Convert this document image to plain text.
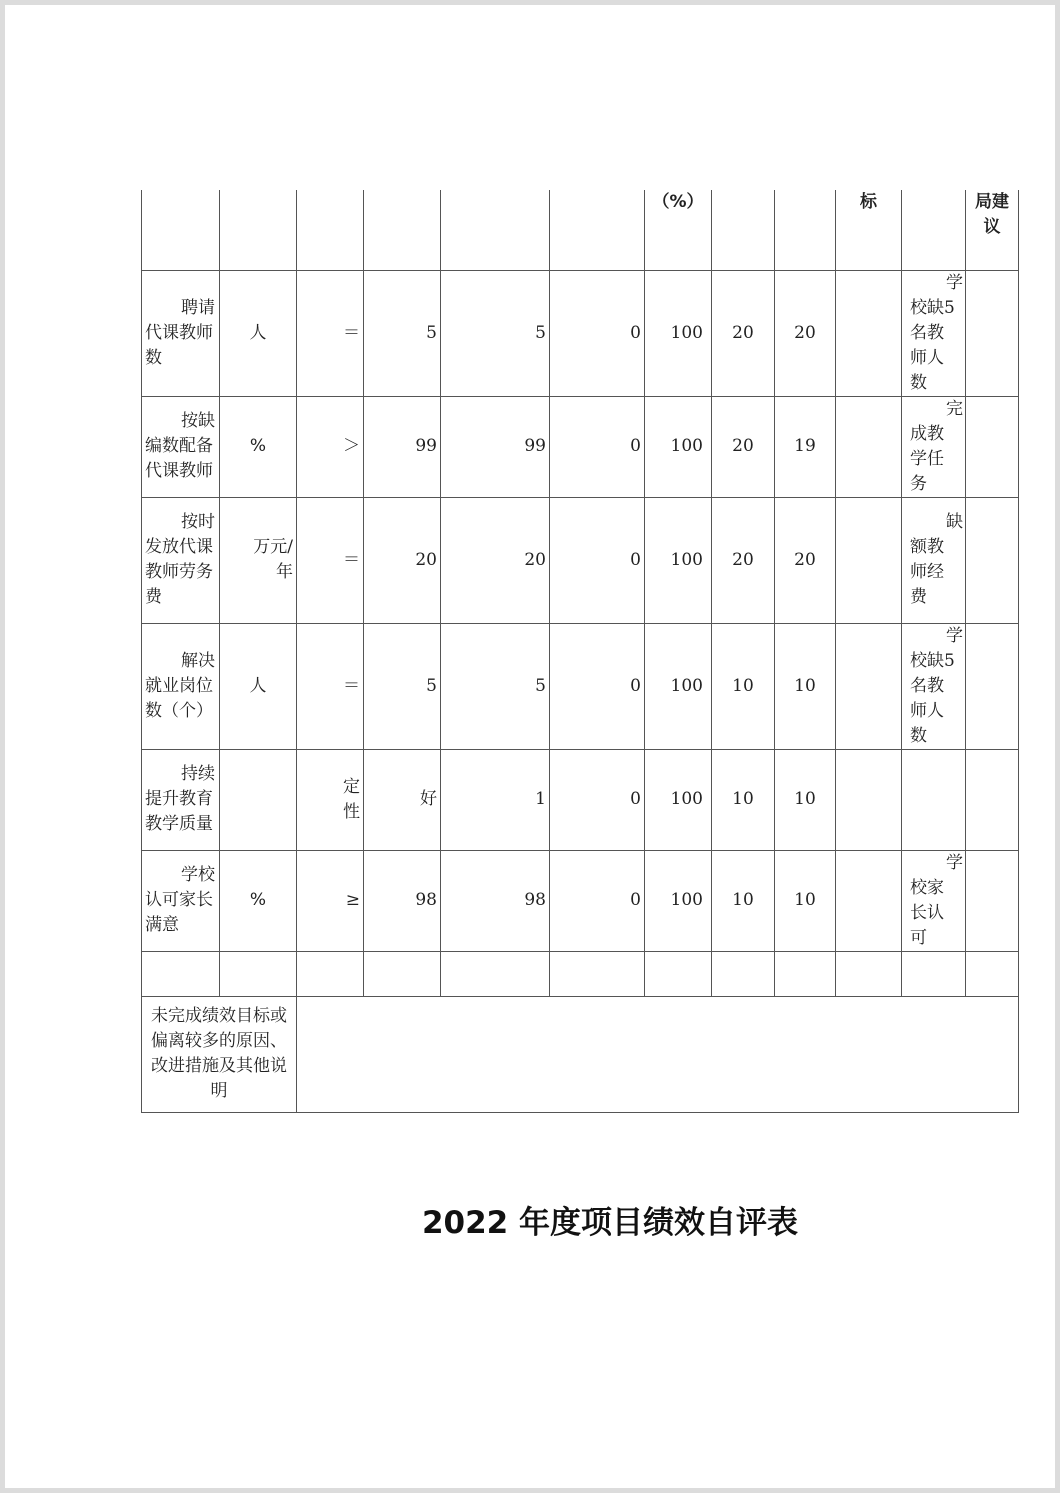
						（%）			标		局建议
聘请代课教师数	人	＝	5	5	0	100	20	20		学校缺5名教师人数	
按缺编数配备代课教师	%	＞	99	99	0	100	20	19		完成教学任务	
按时发放代课教师劳务费	万元/年	＝	20	20	0	100	20	20		缺额教师经费	
解决就业岗位数（个）	人	＝	5	5	0	100	10	10		学校缺5名教师人数	
持续提升教育教学质量		定性	好	1	0	100	10	10			
学校认可家长满意	%	≥	98	98	0	100	10	10		学校家长认可	

未完成绩效目标或偏离较多的原因、改进措施及其他说明											
2022 年度项目绩效自评表
